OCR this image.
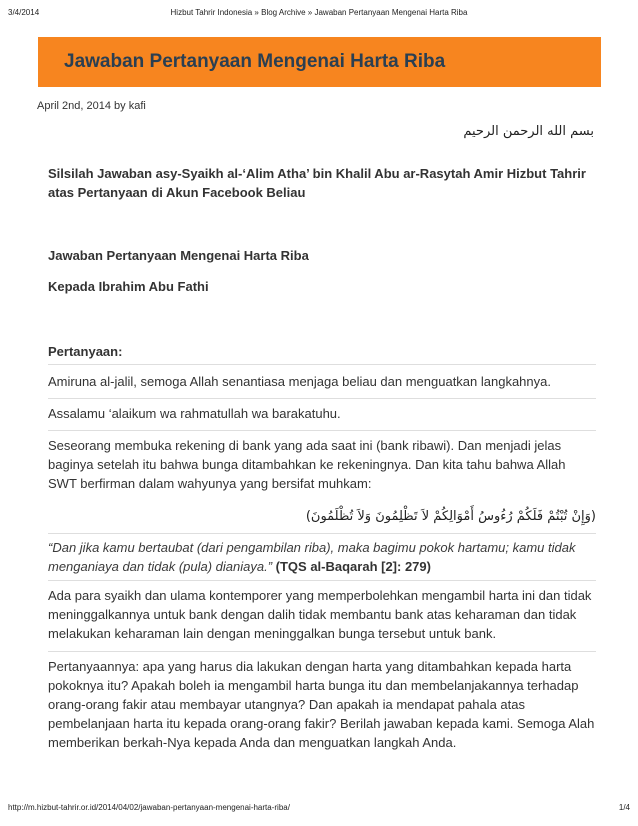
3/4/2014	Hizbut Tahrir Indonesia » Blog Archive » Jawaban Pertanyaan Mengenai Harta Riba
Jawaban Pertanyaan Mengenai Harta Riba
April 2nd, 2014 by kafi
بسم الله الرحمن الرحيم
Silsilah Jawaban asy-Syaikh al-‘Alim Atha’ bin Khalil Abu ar-Rasytah Amir Hizbut Tahrir atas Pertanyaan di Akun Facebook Beliau
Jawaban Pertanyaan Mengenai Harta Riba
Kepada Ibrahim Abu Fathi
Pertanyaan:
Amiruna al-jalil, semoga Allah senantiasa menjaga beliau dan menguatkan langkahnya.
Assalamu ‘alaikum wa rahmatullah wa barakatuhu.
Seseorang membuka rekening di bank yang ada saat ini (bank ribawi). Dan menjadi jelas baginya setelah itu bahwa bunga ditambahkan ke rekeningnya. Dan kita tahu bahwa Allah SWT berfirman dalam wahyunya yang bersifat muhkam:
(وَإِنْ تُبْتُمْ فَلَكُمْ رُءُوسُ أَمْوَالِكُمْ لاَ تَظْلِمُونَ وَلاَ تُظْلَمُونَ)
“Dan jika kamu bertaubat (dari pengambilan riba), maka bagimu pokok hartamu; kamu tidak menganiaya dan tidak (pula) dianiaya.” (TQS al-Baqarah [2]: 279)
Ada para syaikh dan ulama kontemporer yang memperbolehkan mengambil harta ini dan tidak meninggalkannya untuk bank dengan dalih tidak membantu bank atas keharaman dan tidak melakukan keharaman lain dengan meninggalkan bunga tersebut untuk bank.
Pertanyaannya: apa yang harus dia lakukan dengan harta yang ditambahkan kepada harta pokoknya itu? Apakah boleh ia mengambil harta bunga itu dan membelanjakannya terhadap orang-orang fakir atau membayar utangnya? Dan apakah ia mendapat pahala atas pembelanjaan harta itu kepada orang-orang fakir? Berilah jawaban kepada kami. Semoga Alah memberikan berkah-Nya kepada Anda dan menguatkan langkah Anda.
http://m.hizbut-tahrir.or.id/2014/04/02/jawaban-pertanyaan-mengenai-harta-riba/	1/4
